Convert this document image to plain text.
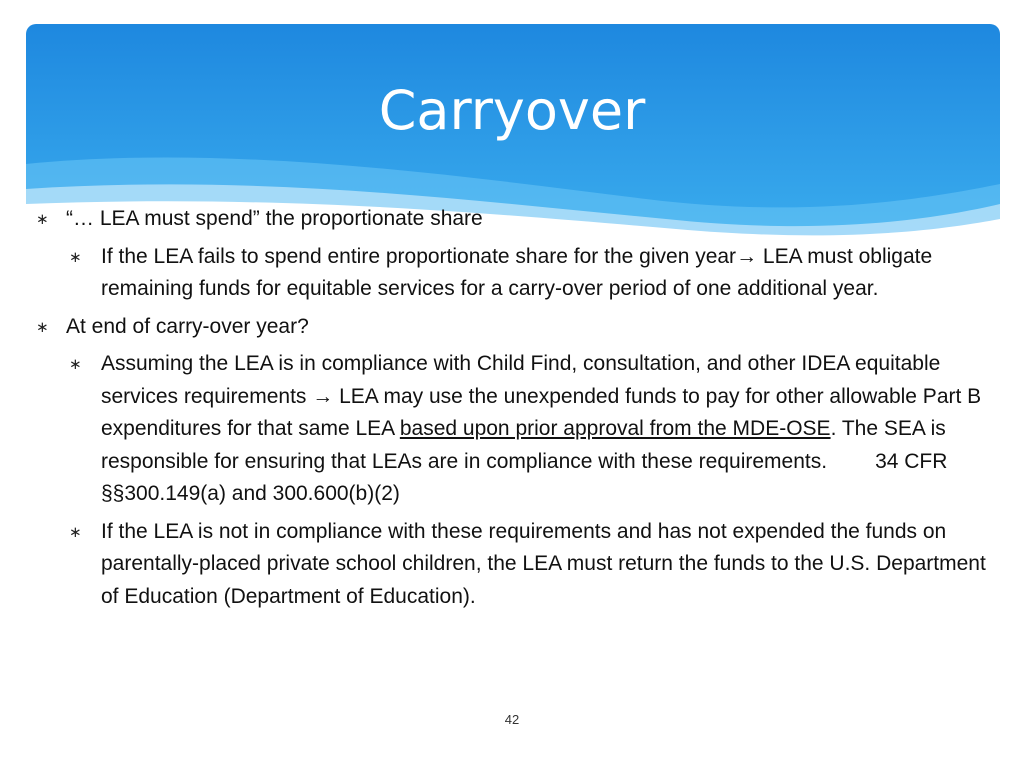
Carryover
∗ “… LEA must spend” the proportionate share
∗ If the LEA fails to spend entire proportionate share for the given year→ LEA must obligate remaining funds for equitable services for a carry-over period of one additional year.
∗ At end of carry-over year?
∗ Assuming the LEA is in compliance with Child Find, consultation, and other IDEA equitable services requirements → LEA may use the unexpended funds to pay for other allowable Part B expenditures for that same LEA based upon prior approval from the MDE-OSE. The SEA is responsible for ensuring that LEAs are in compliance with these requirements. 34 CFR §§300.149(a) and 300.600(b)(2)
∗ If the LEA is not in compliance with these requirements and has not expended the funds on parentally-placed private school children, the LEA must return the funds to the U.S. Department of Education (Department of Education).
42
